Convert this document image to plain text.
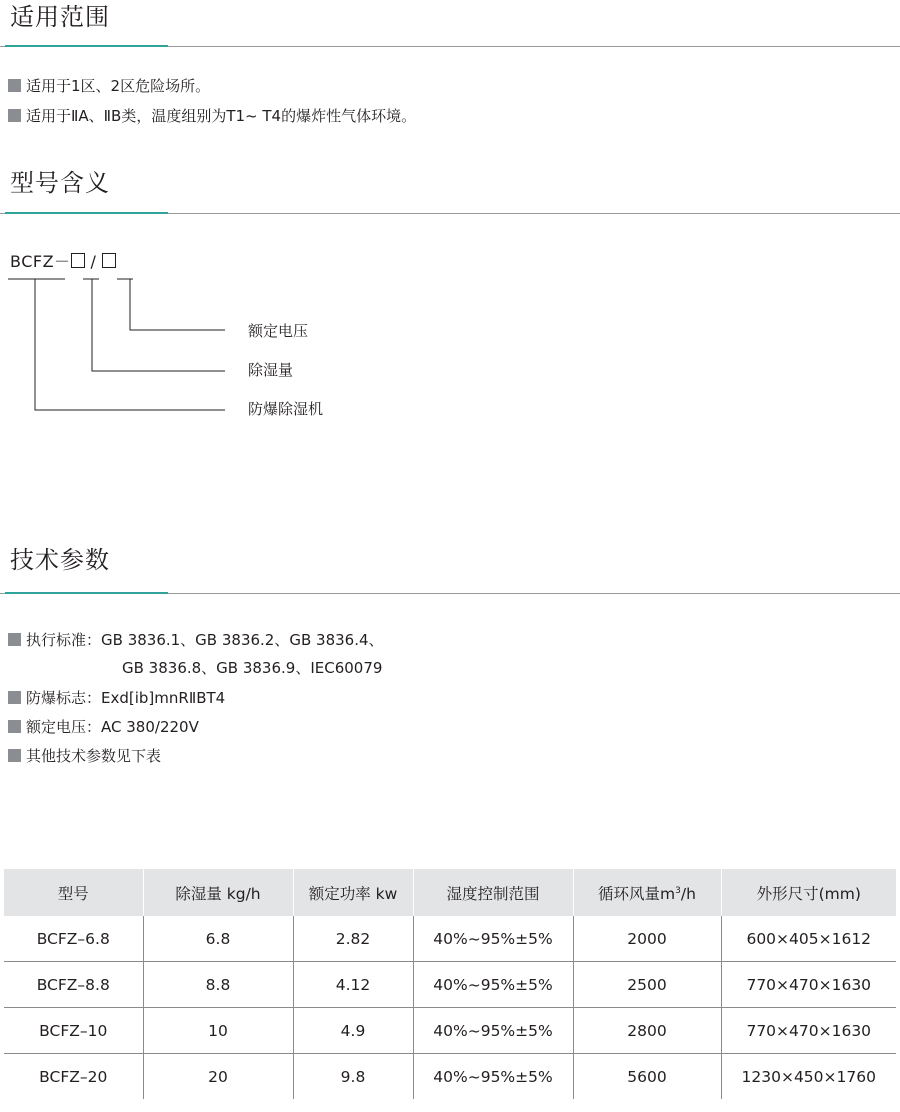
适用范围
适用于1区、2区危险场所。
适用于ⅡA、ⅡB类，温度组别为T1~ T4的爆炸性气体环境。
型号含义
BCFZ－ /
额定电压
除湿量
防爆除湿机
技术参数
执行标准：GB 3836.1、GB 3836.2、GB 3836.4、
GB 3836.8、GB 3836.9、IEC60079
防爆标志：Exd[ib]mnRⅡBT4
额定电压：AC 380/220V
其他技术参数见下表
型号	除湿量 kg/h	额定功率 kw	湿度控制范围	循环风量$m^3/h$	外形尺寸(mm)
BCFZ–6.8	6.8	2.82	40%~95%±5%	2000	600×405×1612
BCFZ–8.8	8.8	4.12	40%~95%±5%	2500	770×470×1630
BCFZ–10	10	4.9	40%~95%±5%	2800	770×470×1630
BCFZ–20	20	9.8	40%~95%±5%	5600	1230×450×1760
